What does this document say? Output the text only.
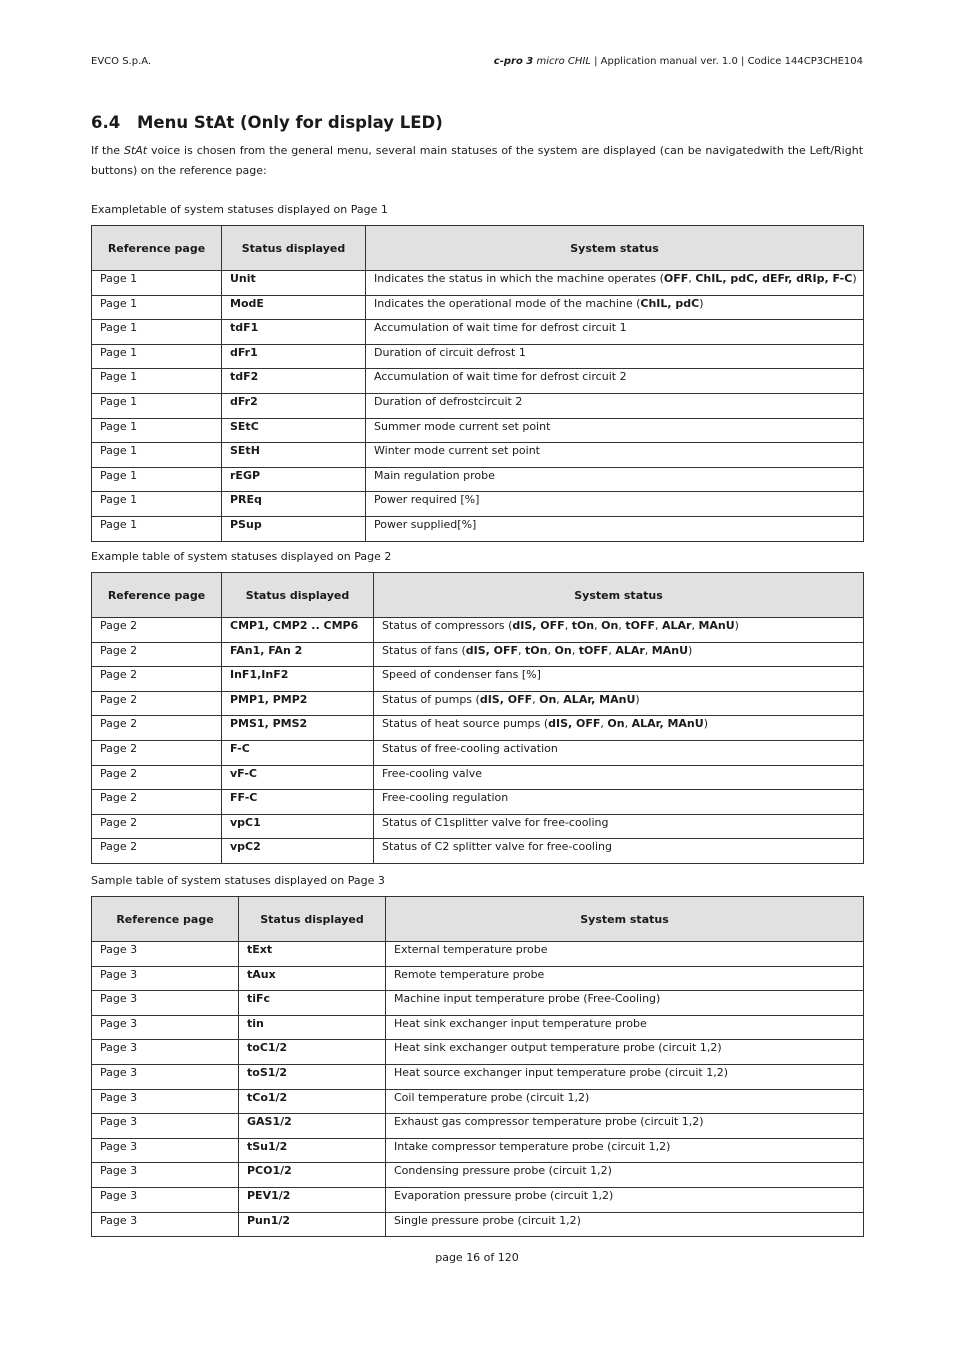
EVCO S.p.A.	c-pro 3 micro CHIL | Application manual ver. 1.0 | Codice 144CP3CHE104
6.4 Menu StAt (Only for display LED)
If the StAt voice is chosen from the general menu, several main statuses of the system are displayed (can be navigatedwith the Left/Right buttons) on the reference page:
Exampletable of system statuses displayed on Page 1
Reference page	Status displayed	System status
Page 1	Unit	Indicates the status in which the machine operates (OFF, ChIL, pdC, dEFr, dRIp, F-C)
Page 1	ModE	Indicates the operational mode of the machine (ChIL, pdC)
Page 1	tdF1	Accumulation of wait time for defrost circuit 1
Page 1	dFr1	Duration of circuit defrost 1
Page 1	tdF2	Accumulation of wait time for defrost circuit 2
Page 1	dFr2	Duration of defrostcircuit 2
Page 1	SEtC	Summer mode current set point
Page 1	SEtH	Winter mode current set point
Page 1	rEGP	Main regulation probe
Page 1	PREq	Power required [%]
Page 1	PSup	Power supplied[%]
Example table of system statuses displayed on Page 2
Reference page	Status displayed	System status
Page 2	CMP1, CMP2 .. CMP6	Status of compressors (dIS, OFF, tOn, On, tOFF, ALAr, MAnU)
Page 2	FAn1, FAn 2	Status of fans (dIS, OFF, tOn, On, tOFF, ALAr, MAnU)
Page 2	InF1,InF2	Speed of condenser fans [%]
Page 2	PMP1, PMP2	Status of pumps (dIS, OFF, On, ALAr, MAnU)
Page 2	PMS1, PMS2	Status of heat source pumps (dIS, OFF, On, ALAr, MAnU)
Page 2	F-C	Status of free-cooling activation
Page 2	vF-C	Free-cooling valve
Page 2	FF-C	Free-cooling regulation
Page 2	vpC1	Status of C1splitter valve for free-cooling
Page 2	vpC2	Status of C2 splitter valve for free-cooling
Sample table of system statuses displayed on Page 3
Reference page	Status displayed	System status
Page 3	tExt	External temperature probe
Page 3	tAux	Remote temperature probe
Page 3	tiFc	Machine input temperature probe (Free-Cooling)
Page 3	tin	Heat sink exchanger input temperature probe
Page 3	toC1/2	Heat sink exchanger output temperature probe (circuit 1,2)
Page 3	toS1/2	Heat source exchanger input temperature probe (circuit 1,2)
Page 3	tCo1/2	Coil temperature probe (circuit 1,2)
Page 3	GAS1/2	Exhaust gas compressor temperature probe (circuit 1,2)
Page 3	tSu1/2	Intake compressor temperature probe (circuit 1,2)
Page 3	PCO1/2	Condensing pressure probe (circuit 1,2)
Page 3	PEV1/2	Evaporation pressure probe (circuit 1,2)
Page 3	Pun1/2	Single pressure probe (circuit 1,2)
page 16 of 120
